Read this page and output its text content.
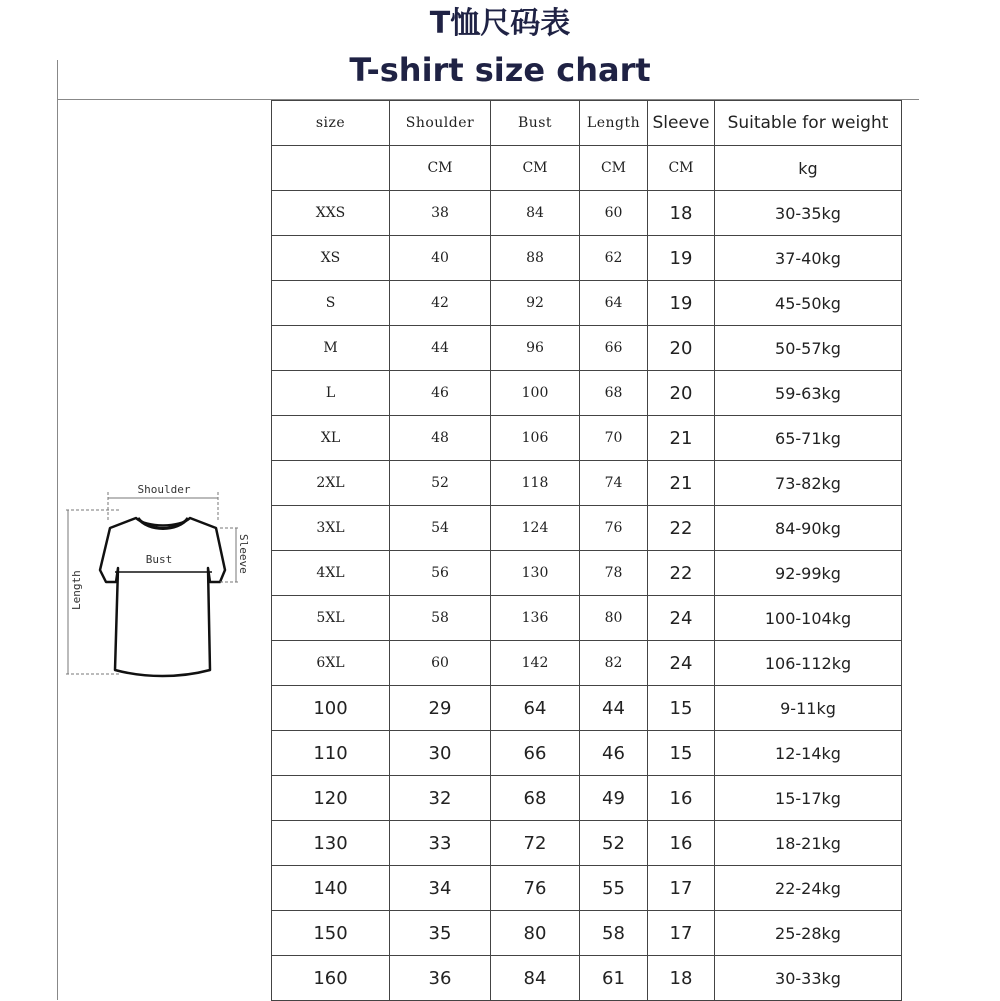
T恤尺码表
T-shirt size chart
Shoulder
Bust
Length
Sleeve
size	Shoulder	Bust	Length	Sleeve	Suitable for weight
	CM	CM	CM	CM	kg
XXS	38	84	60	18	30-35kg
XS	40	88	62	19	37-40kg
S	42	92	64	19	45-50kg
M	44	96	66	20	50-57kg
L	46	100	68	20	59-63kg
XL	48	106	70	21	65-71kg
2XL	52	118	74	21	73-82kg
3XL	54	124	76	22	84-90kg
4XL	56	130	78	22	92-99kg
5XL	58	136	80	24	100-104kg
6XL	60	142	82	24	106-112kg
100	29	64	44	15	9-11kg
110	30	66	46	15	12-14kg
120	32	68	49	16	15-17kg
130	33	72	52	16	18-21kg
140	34	76	55	17	22-24kg
150	35	80	58	17	25-28kg
160	36	84	61	18	30-33kg
